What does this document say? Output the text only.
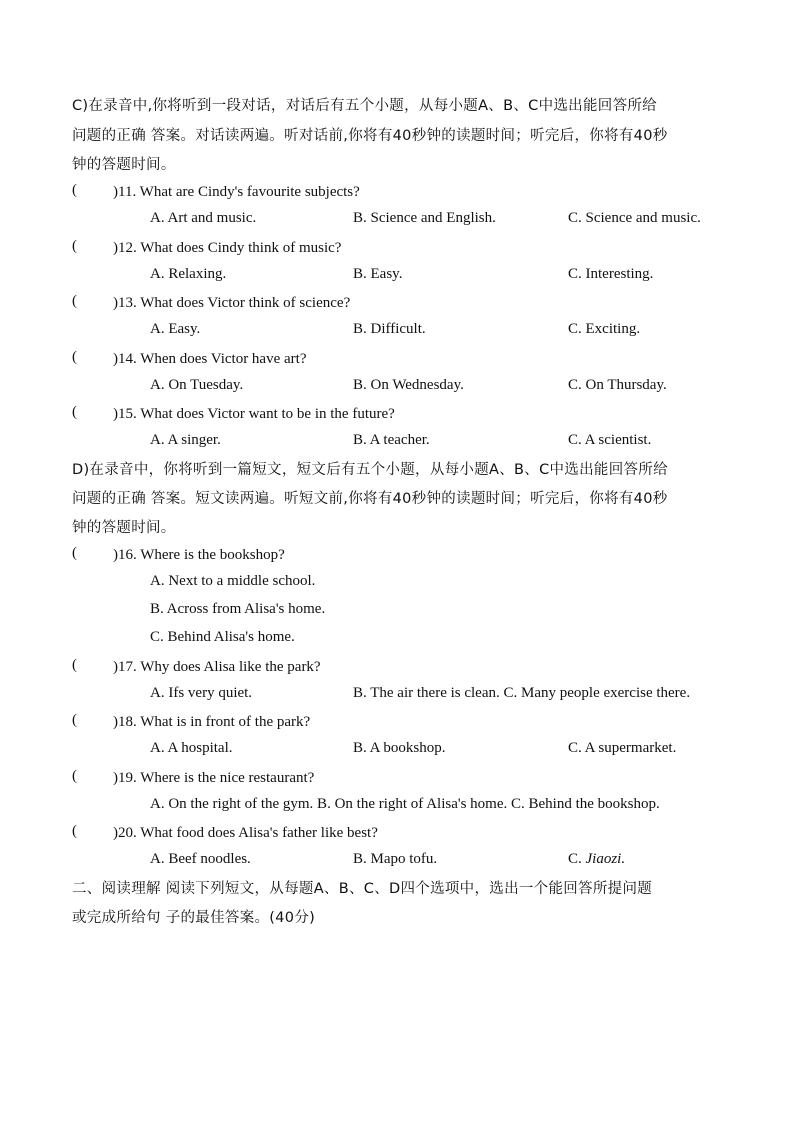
C)在录音中,你将听到一段对话，对话后有五个小题，从每小题A、B、C中选出能回答所给
问题的正确 答案。对话读两遍。听对话前,你将有40秒钟的读题时间；听完后，你将有40秒
钟的答题时间。
( )11. What are Cindy's favourite subjects?
A. Art and music.	B. Science and English.	C. Science and music.
( )12. What does Cindy think of music?
A. Relaxing.	B. Easy.	C. Interesting.
( )13. What does Victor think of science?
A. Easy.	B. Difficult.	C. Exciting.
( )14. When does Victor have art?
A. On Tuesday.	B. On Wednesday.	C. On Thursday.
( )15. What does Victor want to be in the future?
A. A singer.	B. A teacher.	C. A scientist.
D)在录音中，你将听到一篇短文，短文后有五个小题，从每小题A、B、C中选出能回答所给
问题的正确 答案。短文读两遍。听短文前,你将有40秒钟的读题时间；听完后，你将有40秒
钟的答题时间。
( )16. Where is the bookshop?
A. Next to a middle school.
B. Across from Alisa's home.
C. Behind Alisa's home.
( )17. Why does Alisa like the park?
A. Ifs very quiet.	B. The air there is clean. C. Many people exercise there.
( )18. What is in front of the park?
A. A hospital.	B. A bookshop.	C. A supermarket.
( )19. Where is the nice restaurant?
A. On the right of the gym. B. On the right of Alisa's home. C. Behind the bookshop.
( )20. What food does Alisa's father like best?
A. Beef noodles.	B. Mapo tofu.	C. Jiaozi.
二、阅读理解 阅读下列短文，从每题A、B、C、D四个选项中，选出一个能回答所提问题
或完成所给句 子的最佳答案。(40分)
